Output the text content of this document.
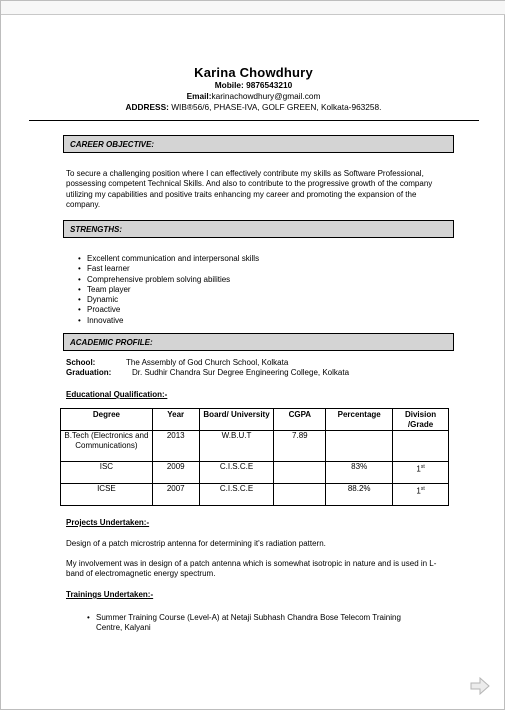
Karina Chowdhury
Mobile: 9876543210
Email:karinachowdhury@gmail.com
ADDRESS: WIB®56/6, PHASE-IVA, GOLF GREEN, Kolkata-963258.
CAREER OBJECTIVE:
To secure a challenging position where I can effectively contribute my skills as Software Professional, possessing competent Technical Skills. And also to contribute to the progressive growth of the company utilizing my capabilities and positive traits enhancing my career and promoting the expansion of the company.
STRENGTHS:
• Excellent communication and interpersonal skills
• Fast learner
• Comprehensive problem solving abilities
• Team player
• Dynamic
• Proactive
• Innovative
ACADEMIC PROFILE:
School:	The Assembly of God Church School, Kolkata
Graduation:	Dr. Sudhir Chandra Sur Degree Engineering College, Kolkata
Educational Qualification:-
Degree	Year	Board/ University	CGPA	Percentage	Division /Grade
B.Tech (Electronics and Communications)	2013	W.B.U.T	7.89		
ISC	2009	C.I.S.C.E		83%	1st
ICSE	2007	C.I.S.C.E		88.2%	1st
Projects Undertaken:-
Design of a patch microstrip antenna for determining it's radiation pattern.
My involvement was in design of a patch antenna which is somewhat isotropic in nature and is used in L-band of electromagnetic energy spectrum.
Trainings Undertaken:-
• Summer Training Course (Level-A) at Netaji Subhash Chandra Bose Telecom Training Centre, Kalyani
